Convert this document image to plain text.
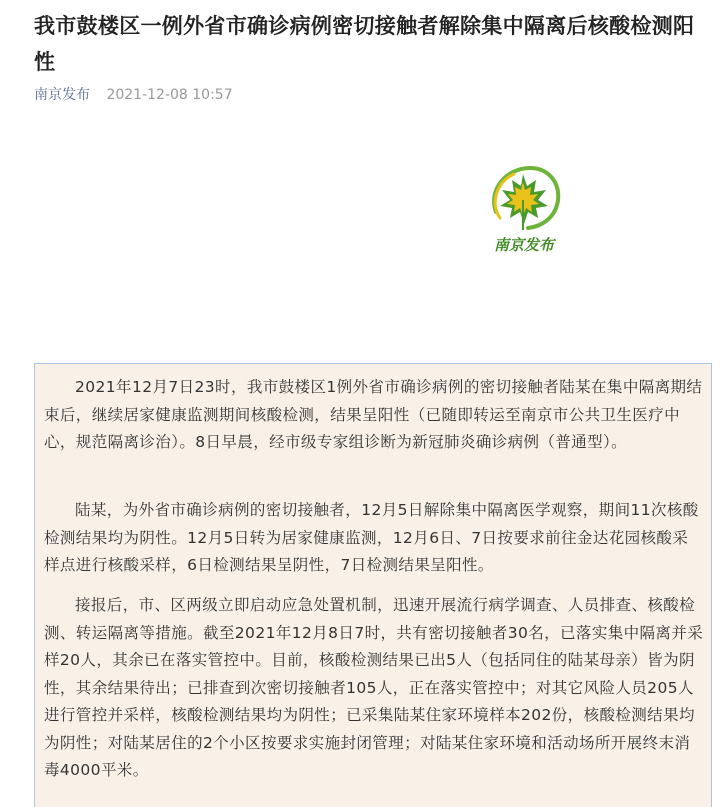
我市鼓楼区一例外省市确诊病例密切接触者解除集中隔离后核酸检测阳性
南京发布 2021-12-08 10:57
南京发布

2021年12月7日23时，我市鼓楼区1例外省市确诊病例的密切接触者陆某在集中隔离期结束后，继续居家健康监测期间核酸检测，结果呈阳性（已随即转运至南京市公共卫生医疗中心，规范隔离诊治）。8日早晨，经市级专家组诊断为新冠肺炎确诊病例（普通型）。

陆某，为外省市确诊病例的密切接触者，12月5日解除集中隔离医学观察，期间11次核酸检测结果均为阴性。12月5日转为居家健康监测，12月6日、7日按要求前往金达花园核酸采样点进行核酸采样，6日检测结果呈阴性，7日检测结果呈阳性。

接报后，市、区两级立即启动应急处置机制，迅速开展流行病学调查、人员排查、核酸检测、转运隔离等措施。截至2021年12月8日7时，共有密切接触者30名，已落实集中隔离并采样20人，其余已在落实管控中。目前，核酸检测结果已出5人（包括同住的陆某母亲）皆为阴性，其余结果待出；已排查到次密切接触者105人，正在落实管控中；对其它风险人员205人进行管控并采样，核酸检测结果均为阴性；已采集陆某住家环境样本202份，核酸检测结果均为阴性；对陆某居住的2个小区按要求实施封闭管理；对陆某住家环境和活动场所开展终末消毒4000平米。
